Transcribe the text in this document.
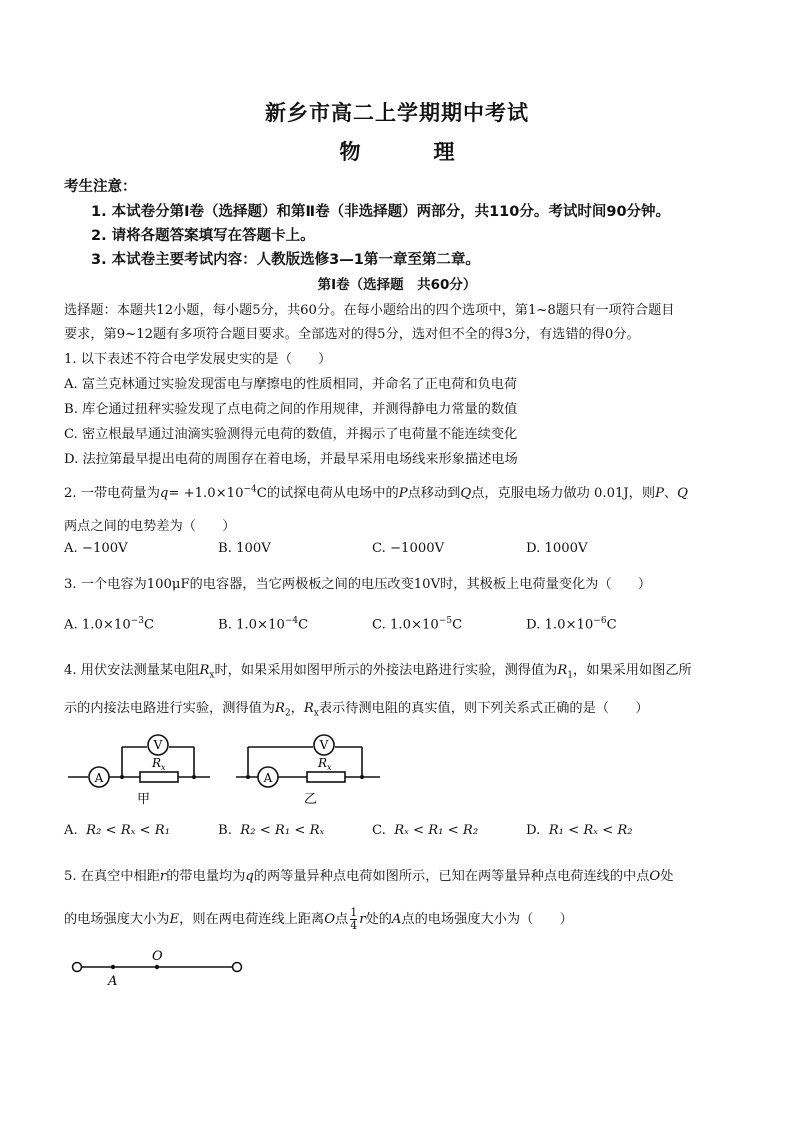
新乡市高二上学期期中考试
物　理
考生注意：
1. 本试卷分第Ⅰ卷（选择题）和第Ⅱ卷（非选择题）两部分，共110分。考试时间90分钟。
2. 请将各题答案填写在答题卡上。
3. 本试卷主要考试内容：人教版选修3—1第一章至第二章。
第Ⅰ卷（选择题　共60分）
选择题：本题共12小题，每小题5分，共60分。在每小题给出的四个选项中，第1~8题只有一项符合题目
要求，第9~12题有多项符合题目要求。全部选对的得5分，选对但不全的得3分，有选错的得0分。
1. 以下表述不符合电学发展史实的是（　　）
A. 富兰克林通过实验发现雷电与摩擦电的性质相同，并命名了正电荷和负电荷
B. 库仑通过扭秤实验发现了点电荷之间的作用规律，并测得静电力常量的数值
C. 密立根最早通过油滴实验测得元电荷的数值，并揭示了电荷量不能连续变化
D. 法拉第最早提出电荷的周围存在着电场，并最早采用电场线来形象描述电场
2. 一带电荷量为$q= +1.0\times 10^{-4}C$的试探电荷从电场中的P点移动到Q点，克服电场力做功 0.01J，则P、Q
两点之间的电势差为（　　）
A. −100V	B. 100V	C. −1000V	D. 1000V
3. 一个电容为100μF的电容器，当它两极板之间的电压改变10V时，其极板上电荷量变化为（　　）
A. $1.0\times 10^{-3}C$	B. $1.0\times 10^{-4}C$	C. $1.0\times 10^{-5}C$	D. $1.0\times 10^{-6}C$
4. 用伏安法测量某电阻$R_x$时，如果采用如图甲所示的外接法电路进行实验，测得值为$R_1$，如果采用如图乙所
示的内接法电路进行实验，测得值为$R_2$，$R_x$表示待测电阻的真实值，则下列关系式正确的是（　　）
A
V
R x
甲
A
V
R x
乙
A. R₂ < Rₓ < R₁	B. R₂ < R₁ < Rₓ	C. Rₓ < R₁ < R₂	D. R₁ < Rₓ < R₂
5. 在真空中相距r的带电量均为q的两等量异种点电荷如图所示，已知在两等量异种点电荷连线的中点O处
的电场强度大小为E，则在两电荷连线上距离O点 $\frac{1}{4}$ r处的A点的电场强度大小为（　　）
O
A
